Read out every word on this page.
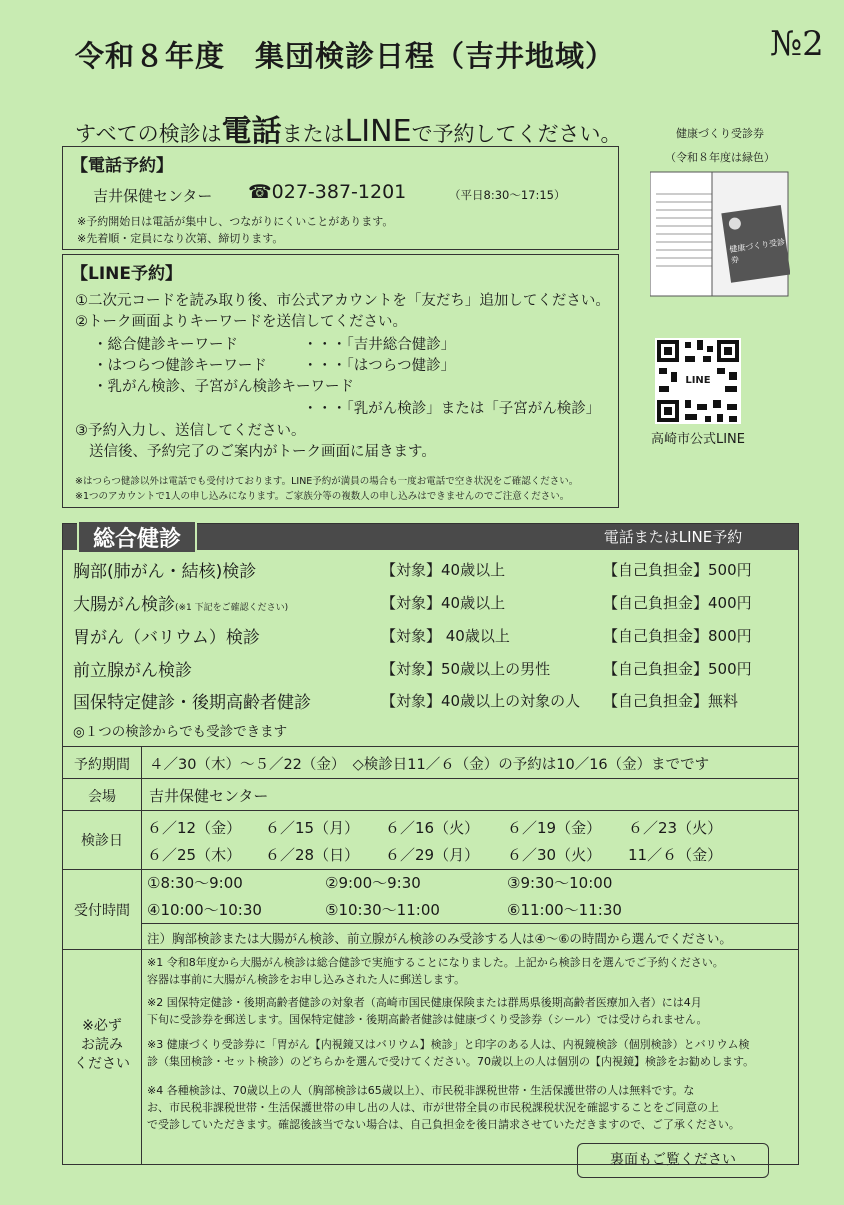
令和８年度　集団検診日程（吉井地域）	№2
すべての検診は電話またはLINEで予約してください。
【電話予約】
吉井保健センター ☎027-387-1201	（平日8:30～17:15）
※予約開始日は電話が集中し、つながりにくいことがあります。
※先着順・定員になり次第、締切ります。
【LINE予約】
①二次元コードを読み取り後、市公式アカウントを「友だち」追加してください。
②トーク画面よりキーワードを送信してください。
・総合健診キーワード	・・・「吉井総合健診」
・はつらつ健診キーワード ・・・「はつらつ健診」
・乳がん検診、子宮がん検診キーワード
・・・「乳がん検診」または「子宮がん検診」
③予約入力し、送信してください。
送信後、予約完了のご案内がトーク画面に届きます。
※はつらつ健診以外は電話でも受付けております。LINE予約が満員の場合も一度お電話で空き状況をご確認ください。
※1つのアカウントで1人の申し込みになります。ご家族分等の複数人の申し込みはできませんのでご注意ください。
健康づくり受診券
（令和８年度は緑色）
健康づくり受診券
LINE
高崎市公式LINE
総合健診	電話またはLINE予約
胸部(肺がん・結核)検診	【対象】40歳以上	【自己負担金】500円
大腸がん検診(※1 下記をご確認ください)	【対象】40歳以上	【自己負担金】400円
胃がん（バリウム）検診	【対象】 40歳以上	【自己負担金】800円
前立腺がん検診	【対象】50歳以上の男性	【自己負担金】500円
国保特定健診・後期高齢者健診	【対象】40歳以上の対象の人 【自己負担金】無料
◎１つの検診からでも受診できます
予約期間	４／30（木）～５／22（金）　◇検診日11／６（金）の予約は10／16（金）までです
会場	吉井保健センター
検診日
６／12（金） ６／15（月） ６／16（火） ６／19（金） ６／23（火）
６／25（木） ６／28（日） ６／29（月） ６／30（火） 11／６（金）
受付時間
①8:30～9:00	②9:00～9:30	③9:30～10:00
④10:00～10:30	⑤10:30～11:00	⑥11:00～11:30
注）胸部検診または大腸がん検診、前立腺がん検診のみ受診する人は④～⑥の時間から選んでください。
※必ず
お読み
ください
※1 令和8年度から大腸がん検診は総合健診で実施することになりました。上記から検診日を選んでご予約ください。
容器は事前に大腸がん検診をお申し込みされた人に郵送します。
※2 国保特定健診・後期高齢者健診の対象者（高崎市国民健康保険または群馬県後期高齢者医療加入者）には4月
下旬に受診券を郵送します。国保特定健診・後期高齢者健診は健康づくり受診券（シール）では受けられません。
※3 健康づくり受診券に「胃がん【内視鏡又はバリウム】検診」と印字のある人は、内視鏡検診（個別検診）とバリウム検
診（集団検診・セット検診）のどちらかを選んで受けてください。70歳以上の人は個別の【内視鏡】検診をお勧めします。
※4 各種検診は、70歳以上の人（胸部検診は65歳以上）、市民税非課税世帯・生活保護世帯の人は無料です。な
お、市民税非課税世帯・生活保護世帯の申し出の人は、市が世帯全員の市民税課税状況を確認することをご同意の上
で受診していただきます。確認後該当でない場合は、自己負担金を後日請求させていただきますので、ご了承ください。
裏面もご覧ください
